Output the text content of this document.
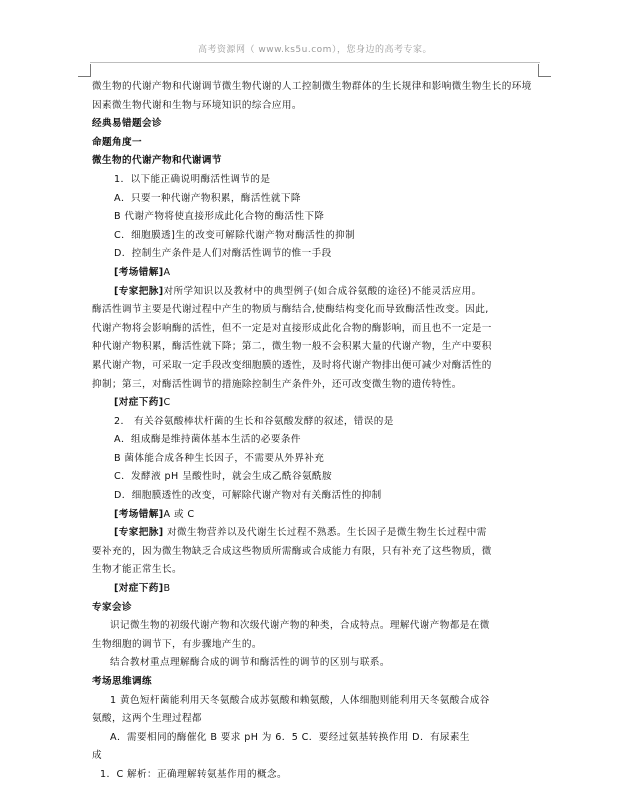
高考资源网（ www.ks5u.com），您身边的高考专家。

微生物的代谢产物和代谢调节微生物代谢的人工控制微生物群体的生长规律和影响微生物生长的环境因素微生物代谢和生物与环境知识的综合应用。

经典易错题会诊

命题角度一

微生物的代谢产物和代谢调节

1．以下能正确说明酶活性调节的是

A．只要一种代谢产物积累，酶活性就下降

B 代谢产物将使直接形成此化合物的酶活性下降

C．细胞膜透]生的改变可解除代谢产物对酶活性的抑制

D．控制生产条件是人们对酶活性调节的惟一手段

[考场错解]A

[专家把脉]对所学知识以及教材中的典型例子(如合成谷氨酸的途径)不能灵活应用。

酶活性调节主要是代谢过程中产生的物质与酶结合,使酶结构变化而导致酶活性改变。因此,

代谢产物将会影响酶的活性，但不一定是对直接形成此化合物的酶影响，而且也不一定是一

种代谢产物积累，酶活性就下降；第二，微生物一般不会积累大量的代谢产物，生产中要积

累代谢产物，可采取一定手段改变细胞膜的透性，及时将代谢产物排出便可减少对酶活性的

抑制；第三，对酶活性调节的措施除控制生产条件外，还可改变微生物的遗传特性。

[对症下药]C

2． 有关谷氨酸棒状杆菌的生长和谷氨酸发酵的叙述，错误的是

A．组成酶是维持菌体基本生活的必要条件

B 菌体能合成各种生长因子，不需要从外界补充

C．发酵液 pH 呈酸性时，就会生成乙酰谷氨酰胺

D．细胞膜透性的改变，可解除代谢产物对有关酶活性的抑制

[考场错解]A 或 C

[专家把脉] 对微生物营养以及代谢生长过程不熟悉。生长因子是微生物生长过程中需

要补充的，因为微生物缺乏合成这些物质所需酶或合成能力有限，只有补充了这些物质，微

生物才能正常生长。

[对症下药]B

专家会诊

识记微生物的初级代谢产物和次级代谢产物的种类，合成特点。理解代谢产物都是在微

生物细胞的调节下，有步骤地产生的。

结合教材重点理解酶合成的调节和酶活性的调节的区别与联系。

考场思维调练

1 黄色短杆菌能利用天冬氨酸合成苏氨酸和赖氨酸，人体细胞则能利用天冬氨酸合成谷

氨酸，这两个生理过程都

A．需要相同的酶催化 B 要求 pH 为 6．5 C．要经过氨基转换作用 D．有尿素生

成

1．C 解析：正确理解转氨基作用的概念。
